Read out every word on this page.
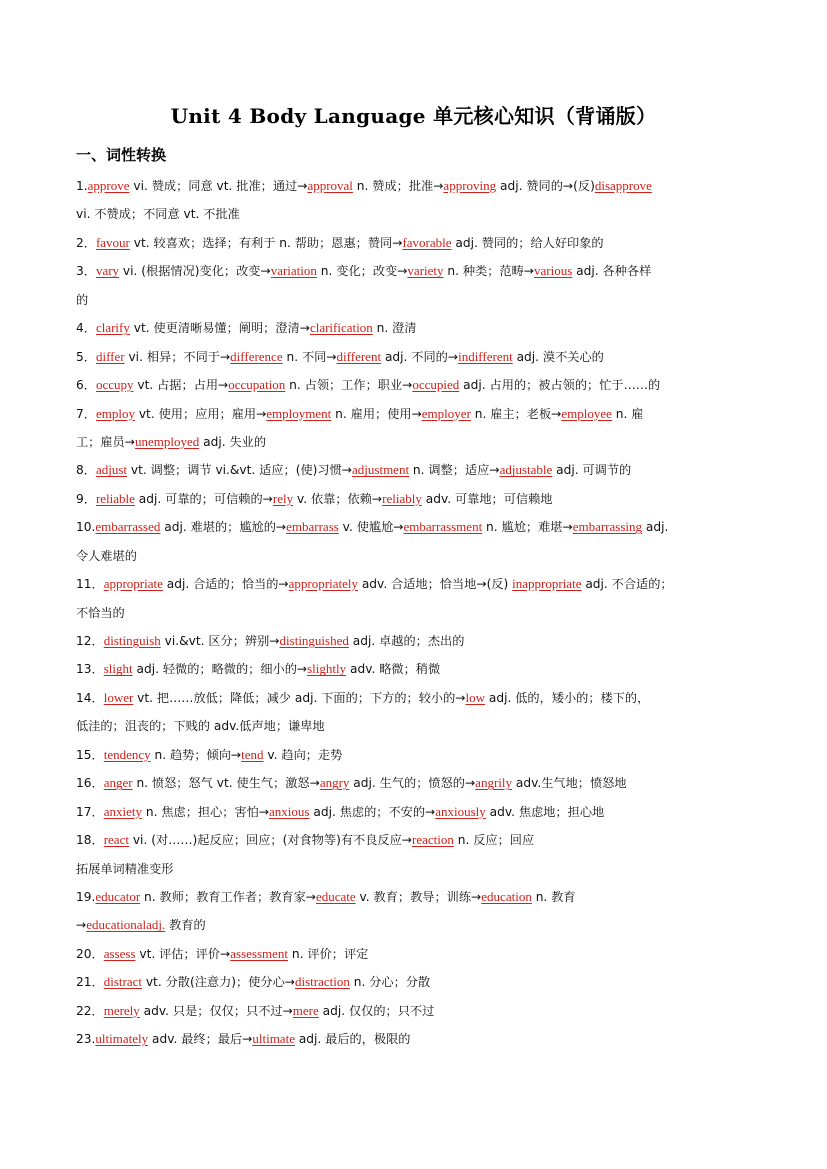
Unit 4 Body Language 单元核心知识（背诵版）
一、词性转换
1.approve vi. 赞成；同意 vt. 批准；通过→approval n. 赞成；批准→approving adj. 赞同的→(反)disapprove
vi. 不赞成；不同意 vt. 不批准
2．favour vt. 较喜欢；选择；有利于 n. 帮助；恩惠；赞同→favorable adj. 赞同的；给人好印象的
3．vary vi. (根据情况)变化；改变→variation n. 变化；改变→variety n. 种类；范畴→various adj. 各种各样
的
4．clarify vt. 使更清晰易懂；阐明；澄清→clarification n. 澄清
5．differ vi. 相异；不同于→difference n. 不同→different adj. 不同的→indifferent adj. 漠不关心的
6．occupy vt. 占据；占用→occupation n. 占领；工作；职业→occupied adj. 占用的；被占领的；忙于……的
7．employ vt. 使用；应用；雇用→employment n. 雇用；使用→employer n. 雇主；老板→employee n. 雇
工；雇员→unemployed adj. 失业的
8．adjust vt. 调整；调节 vi.&vt. 适应；(使)习惯→adjustment n. 调整；适应→adjustable adj. 可调节的
9．reliable adj. 可靠的；可信赖的→rely v. 依靠；依赖→reliably adv. 可靠地；可信赖地
10.embarrassed adj. 难堪的；尴尬的→embarrass v. 使尴尬→embarrassment n. 尴尬；难堪→embarrassing adj.
令人难堪的
11．appropriate adj. 合适的；恰当的→appropriately adv. 合适地；恰当地→(反) inappropriate adj. 不合适的；
不恰当的
12．distinguish vi.&vt. 区分；辨别→distinguished adj. 卓越的；杰出的
13．slight adj. 轻微的；略微的；细小的→slightly adv. 略微；稍微
14．lower vt. 把……放低；降低；减少 adj. 下面的；下方的；较小的→low adj. 低的，矮小的；楼下的，
低洼的；沮丧的；下贱的 adv.低声地；谦卑地
15．tendency n. 趋势；倾向→tend v. 趋向；走势
16．anger n. 愤怒；怒气 vt. 使生气；激怒→angry adj. 生气的；愤怒的→angrily adv.生气地；愤怒地
17．anxiety n. 焦虑；担心；害怕→anxious adj. 焦虑的；不安的→anxiously adv. 焦虑地；担心地
18．react vi. (对……)起反应；回应；(对食物等)有不良反应→reaction n. 反应；回应
拓展单词精准变形
19.educator n. 教师；教育工作者；教育家→educate v. 教育；教导；训练→education n. 教育
→educationaladj. 教育的
20．assess vt. 评估；评价→assessment n. 评价；评定
21．distract vt. 分散(注意力)；使分心→distraction n. 分心；分散
22．merely adv. 只是；仅仅；只不过→mere adj. 仅仅的；只不过
23.ultimately adv. 最终；最后→ultimate adj. 最后的，极限的
